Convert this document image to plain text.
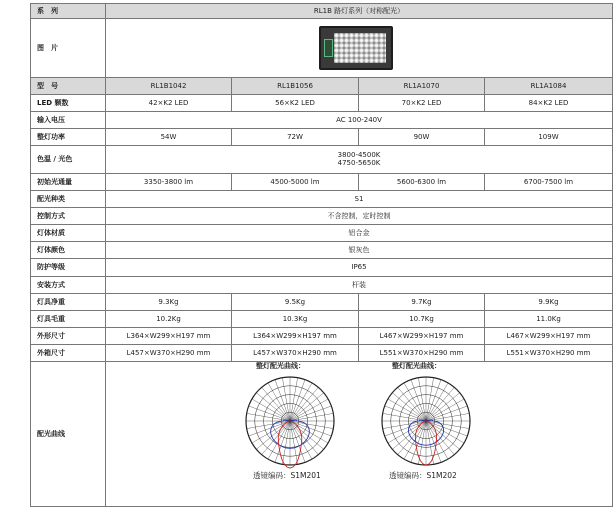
系　列	RL1B 路灯系列（对称配光）			
图　片				

型　号	RL1B1042	RL1B1056	RL1A1070	RL1A1084
LED 颗数	42×K2 LED	56×K2 LED	70×K2 LED	84×K2 LED
输入电压	AC 100-240V			
整灯功率	54W	72W	90W	109W
色温 / 光色	3800-4500K
4750-5650K			

初始光通量	3350-3800 lm	4500-5000 lm	5600-6300 lm	6700-7500 lm
配光种类	S1			
控制方式	不含控制，定时控制			
灯体材质	铝合金			
灯体颜色	银灰色			
防护等级	IP65			
安装方式	杆装			
灯具净重	9.3Kg	9.5Kg	9.7Kg	9.9Kg
灯具毛重	10.2Kg	10.3Kg	10.7Kg	11.0Kg
外形尺寸	L364×W299×H197 mm	L364×W299×H197 mm	L467×W299×H197 mm	L467×W299×H197 mm
外箱尺寸	L457×W370×H290 mm	L457×W370×H290 mm	L551×W370×H290 mm	L551×W370×H290 mm
配光曲线	整灯配光曲线：
透镜编码：S1M201
整灯配光曲线：
透镜编码：S1M202			
